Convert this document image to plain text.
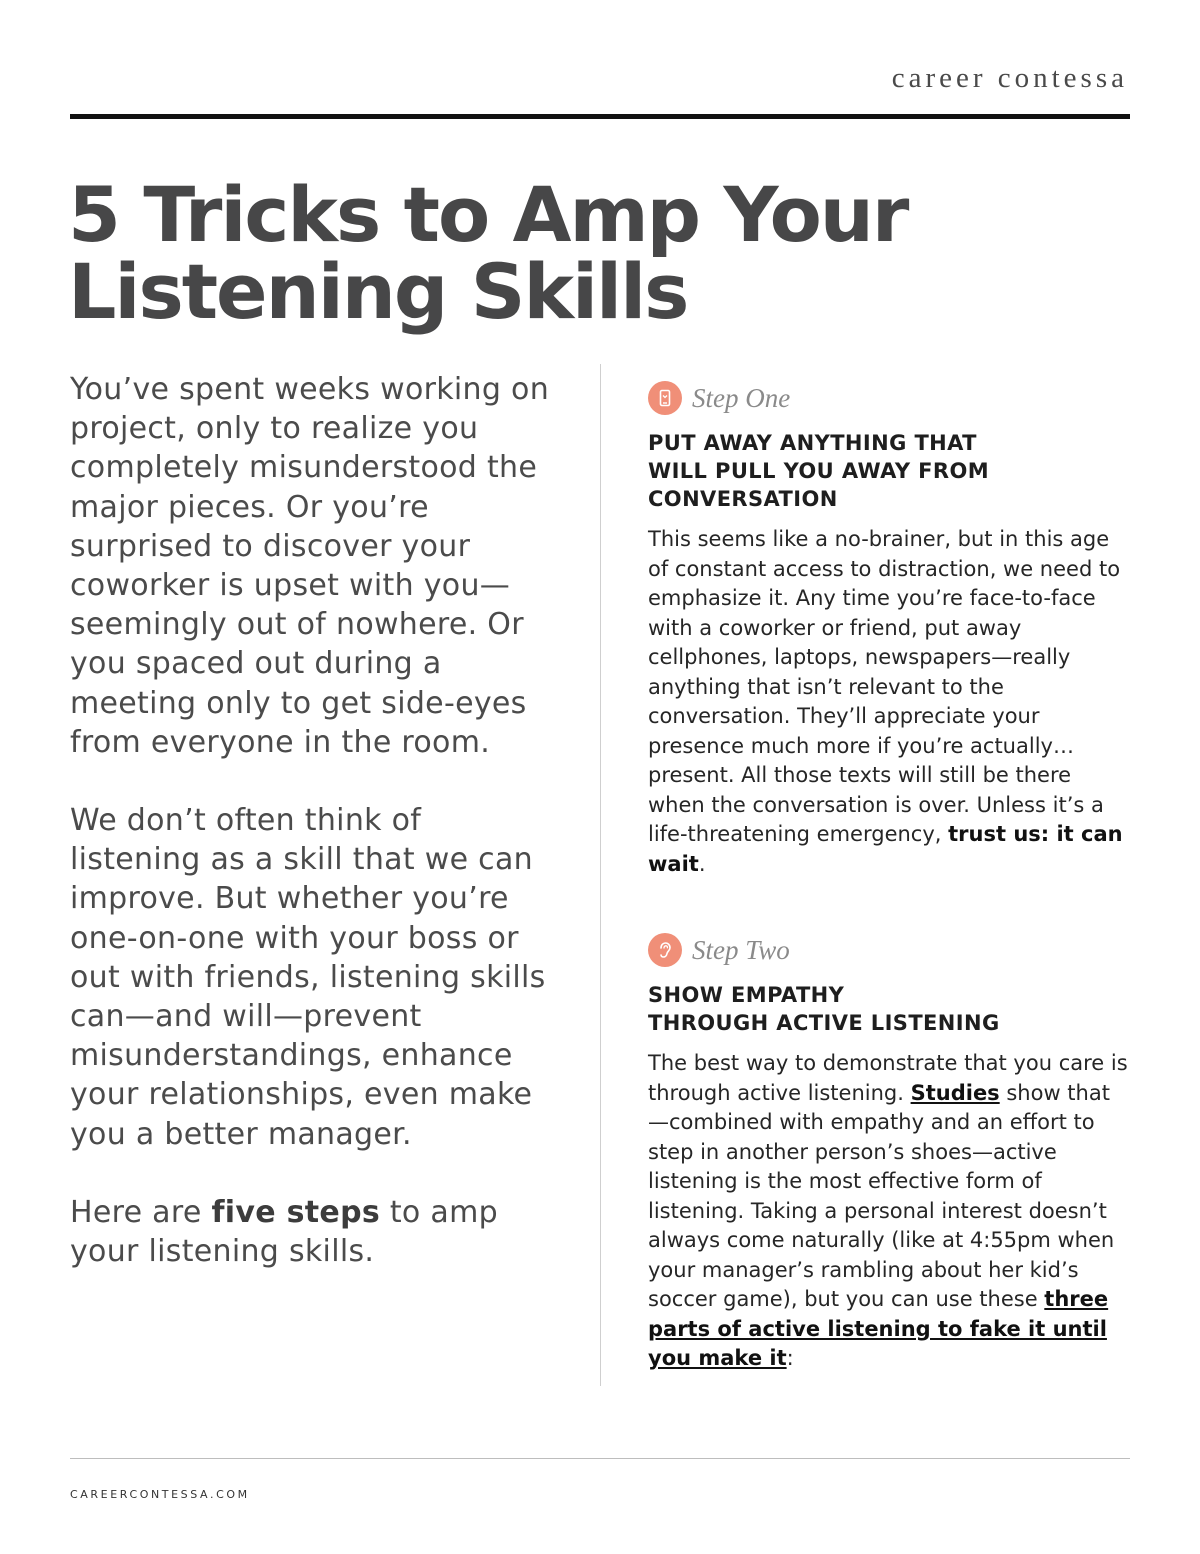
career contessa
5 Tricks to Amp Your
Listening Skills

You’ve spent weeks working on project, only to realize you completely misunderstood the major pieces. Or you’re surprised to discover your coworker is upset with you—seemingly out of nowhere. Or you spaced out during a meeting only to get side-eyes from everyone in the room.

We don’t often think of listening as a skill that we can improve. But whether you’re one-on-one with your boss or out with friends, listening skills can—and will—prevent misunderstandings, enhance your relationships, even make you a better manager.

Here are five steps to amp your listening skills.

Step One
PUT AWAY ANYTHING THAT
WILL PULL YOU AWAY FROM
CONVERSATION

This seems like a no-brainer, but in this age of constant access to distraction, we need to emphasize it. Any time you’re face-to-face with a coworker or friend, put away cellphones, laptops, newspapers—really anything that isn’t relevant to the conversation. They’ll appreciate your presence much more if you’re actually… present. All those texts will still be there when the conversation is over. Unless it’s a life-threatening emergency, trust us: it can wait.

Step Two
SHOW EMPATHY
THROUGH ACTIVE LISTENING

The best way to demonstrate that you care is through active listening. Studies show that—combined with empathy and an effort to step in another person’s shoes—active listening is the most effective form of listening. Taking a personal interest doesn’t always come naturally (like at 4:55pm when your manager’s rambling about her kid’s soccer game), but you can use these three parts of active listening to fake it until you make it:

CAREERCONTESSA.COM
